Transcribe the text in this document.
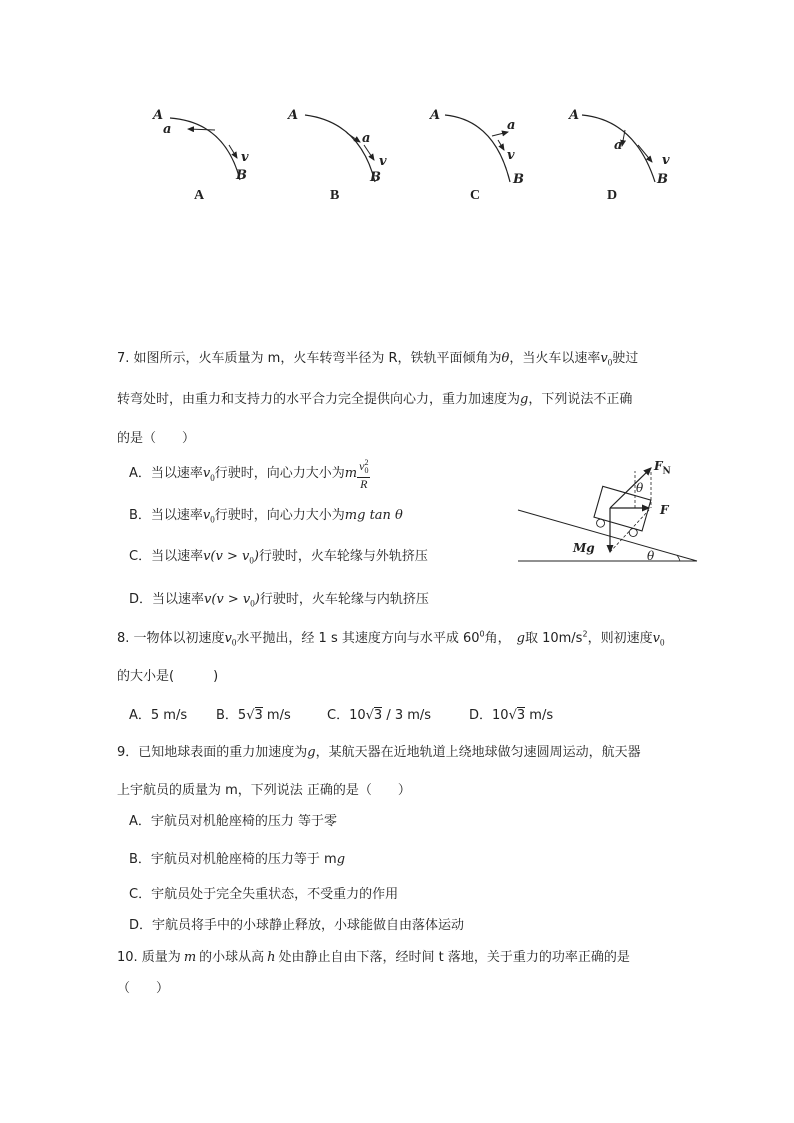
A
a
v
B
A
A
a
v
B
B
A
a
v
B
C
A
a
v
B
D
7. 如图所示，火车质量为 m，火车转弯半径为 R，铁轨平面倾角为θ，当火车以速率$v_0$驶过
转弯处时，由重力和支持力的水平合力完全提供向心力，重力加速度为g，下列说法不正确
的是（　　）
A．当以速率$v_0$行驶时，向心力大小为m $\frac{v^2_0}{R}$
B．当以速率$v_0$行驶时，向心力大小为mg tan θ
C．当以速率$v(v > v_0)$行驶时，火车轮缘与外轨挤压
D．当以速率$v(v > v_0)$行驶时，火车轮缘与内轨挤压
$F_N$
θ
F
Mg
θ
8. 一物体以初速度$v_0$水平抛出，经 1 s 其速度方向与水平成 $60^0$角， g取 $10m/s^2$，则初速度$v_0$
的大小是(　　　)
A．5 m/s B．5√3 m/s	C．10√3 / 3 m/s	D．10√3 m/s
9．已知地球表面的重力加速度为g，某航天器在近地轨道上绕地球做匀速圆周运动，航天器
上宇航员的质量为 m，下列说法 正确的是（　　）
A．宇航员对机舱座椅的压力 等于零
B．宇航员对机舱座椅的压力等于 mg
C．宇航员处于完全失重状态，不受重力的作用
D．宇航员将手中的小球静止释放，小球能做自由落体运动
10. 质量为 m 的小球从高 h 处由静止自由下落，经时间 t 落地，关于重力的功率正确的是
（　　）
